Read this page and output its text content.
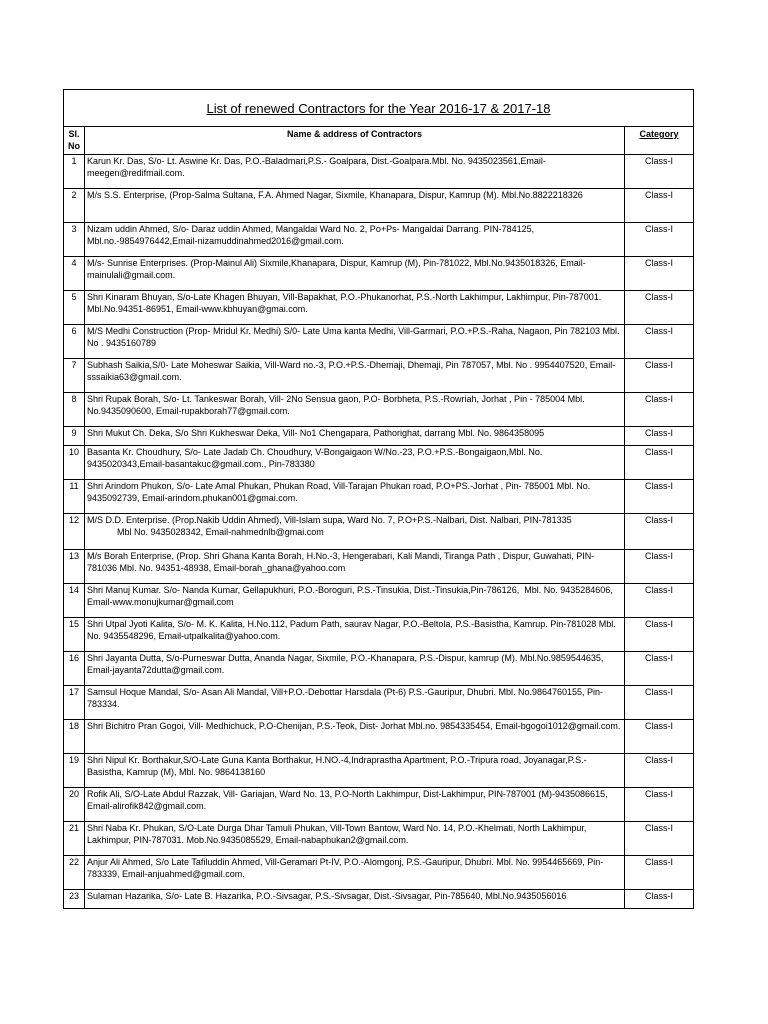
List of renewed Contractors for the Year 2016-17 & 2017-18		
Sl.
No	Name & address of Contractors	Category
1	Karun Kr. Das, S/o- Lt. Aswine Kr. Das, P.O.-Baladmari,P.S.- Goalpara, Dist.-Goalpara.Mbl. No. 9435023561,Email-meegen@redifmail.com.	Class-I
2	M/s S.S. Enterprise, (Prop-Salma Sultana, F.A. Ahmed Nagar, Sixmile, Khanapara, Dispur, Kamrup (M). Mbl.No.8822218326	Class-I
3	Nizam uddin Ahmed, S/o- Daraz uddin Ahmed, Mangaldai Ward No. 2, Po+Ps- Mangaldai Darrang. PIN-784125, Mbl.no.-9854976442,Email-nizamuddinahmed2016@gmail.com.	Class-I
4	M/s- Sunrise Enterprises. (Prop-Mainul Ali) Sixmile,Khanapara, Dispur, Kamrup (M), Pin-781022, Mbl.No.9435018326, Email-mainulali@gmail.com.	Class-I
5	Shri Kinaram Bhuyan, S/o-Late Khagen Bhuyan, Vill-Bapakhat, P.O.-Phukanorhat, P.S.-North Lakhimpur, Lakhimpur, Pin-787001. Mbl.No.94351-86951, Email-www.kbhuyan@gmai.com.	Class-I
6	M/S Medhi Construction (Prop- Mridul Kr. Medhi) S/0- Late Uma kanta Medhi, Vill-Garmari, P.O.+P.S.-Raha, Nagaon, Pin 782103 Mbl. No . 9435160789	Class-I
7	Subhash Saikia,S/0- Late Moheswar Saikia, Vill-Ward no.-3, P.O.+P.S.-Dhemaji, Dhemaji, Pin 787057, Mbl. No . 9954407520, Email-sssaikia63@gmail.com.	Class-I
8	Shri Rupak Borah, S/o- Lt. Tankeswar Borah, Vill- 2No Sensua gaon, P.O- Borbheta, P.S.-Rowriah, Jorhat , Pin - 785004 Mbl. No.9435090600, Email-rupakborah77@gmail.com.	Class-I
9	Shri Mukut Ch. Deka, S/o Shri Kukheswar Deka, Vill- No1 Chengapara, Pathorighat, darrang Mbl. No. 9864358095	Class-I
10	Basanta Kr. Choudhury, S/o- Late Jadab Ch. Choudhury, V-Bongaigaon W/No.-23, P.O.+P.S.-Bongaigaon,Mbl. No. 9435020343,Email-basantakuc@gmail.com., Pin-783380	Class-I
11	Shri Arindom Phukon, S/o- Late Amal Phukan, Phukan Road, Vill-Tarajan Phukan road, P.O+PS.-Jorhat , Pin- 785001 Mbl. No. 9435092739, Email-arindom.phukan001@gmai.com.	Class-I
12	M/S D.D. Enterprise. (Prop.Nakib Uddin Ahmed), Vill-Islam supa, Ward No. 7, P.O+P.S.-Nalbari, Dist. Nalbari, PIN-781335
Mbl No. 9435028342, Email-nahmednlb@gmai.com	Class-I
13	M/s Borah Enterprise, (Prop. Shri Ghana Kanta Borah, H.No.-3, Hengerabari, Kali Mandi, Tiranga Path , Dispur, Guwahati, PIN-781036 Mbl. No. 94351-48938, Email-borah_ghana@yahoo.com	Class-I
14	Shri Manuj Kumar. S/o- Nanda Kumar, Gellapukhuri, P.O.-Boroguri, P.S.-Tinsukia, Dist.-Tinsukia,Pin-786126,  Mbl. No. 9435284606, Email-www.monujkumar@gmail.com	Class-I
15	Shri Utpal Jyoti Kalita, S/o- M. K. Kalita, H.No.112, Padum Path, saurav Nagar, P.O.-Beltola, P.S.-Basistha, Kamrup. Pin-781028 Mbl. No. 9435548296, Email-utpalkalita@yahoo.com.	Class-I
16	Shri Jayanta Dutta, S/o-Purneswar Dutta, Ananda Nagar, Sixmile, P.O.-Khanapara, P.S.-Dispur, kamrup (M). Mbl.No.9859544635, Email-jayanta72dutta@gmail.com.	Class-I
17	Samsul Hoque Mandal, S/o- Asan Ali Mandal, Vill+P.O.-Debottar Harsdala (Pt-6) P.S.-Gauripur, Dhubri. Mbl. No.9864760155, Pin-783334.	Class-I
18	Shri Bichitro Pran Gogoi, Vill- Medhichuck, P.O-Chenijan, P.S.-Teok, Dist- Jorhat Mbl.no. 9854335454, Email-bgogoi1012@gmail.com.	Class-I
19	Shri Nipul Kr. Borthakur,S/O-Late Guna Kanta Borthakur, H.NO.-4,Indraprastha Apartment, P.O.-Tripura road, Joyanagar,P.S.-Basistha, Kamrup (M), Mbl. No. 9864138160	Class-I
20	Rofik Ali, S/O-Late Abdul Razzak, Vill- Gariajan, Ward No. 13, P.O-North Lakhimpur, Dist-Lakhimpur, PIN-787001 (M)-9435086615, Email-alirofik842@gmail.com.	Class-I
21	Shri Naba Kr. Phukan, S/O-Late Durga Dhar Tamuli Phukan, Vill-Town Bantow, Ward No. 14, P.O.-Khelmati, North Lakhimpur, Lakhimpur, PIN-787031. Mob.No.9435085529, Email-nabaphukan2@gmail.com.	Class-I
22	Anjur Ali Ahmed, S/o Late Tafiluddin Ahmed, Vill-Geramari Pt-IV, P.O.-Alomgonj, P.S.-Gauripur, Dhubri. Mbl. No. 9954465669, Pin-783339, Email-anjuahmed@gmail.com.	Class-I
23	Sulaman Hazarika, S/o- Late B. Hazarika, P.O.-Sivsagar, P.S.-Sivsagar, Dist.-Sivsagar, Pin-785640, Mbl.No.9435056016	Class-I
